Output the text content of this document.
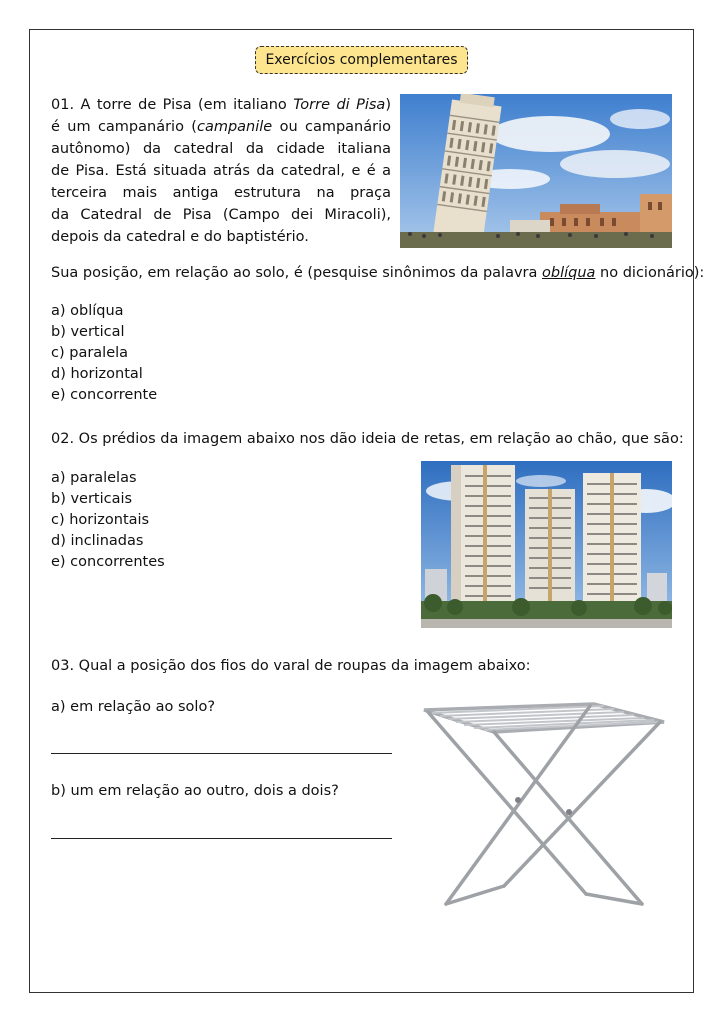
Exercícios complementares
01. A torre de Pisa (em italiano Torre di Pisa)
é um campanário (campanile ou campanário
autônomo) da catedral da cidade italiana
de Pisa. Está situada atrás da catedral, e é a
terceira mais antiga estrutura na praça
da Catedral de Pisa (Campo dei Miracoli),
depois da catedral e do baptistério.
Sua posição, em relação ao solo, é (pesquise sinônimos da palavra oblíqua no dicionário):
a) oblíqua
b) vertical
c) paralela
d) horizontal
e) concorrente
02. Os prédios da imagem abaixo nos dão ideia de retas, em relação ao chão, que são:
a) paralelas
b) verticais
c) horizontais
d) inclinadas
e) concorrentes
03. Qual a posição dos fios do varal de roupas da imagem abaixo:
a) em relação ao solo?
b) um em relação ao outro, dois a dois?
